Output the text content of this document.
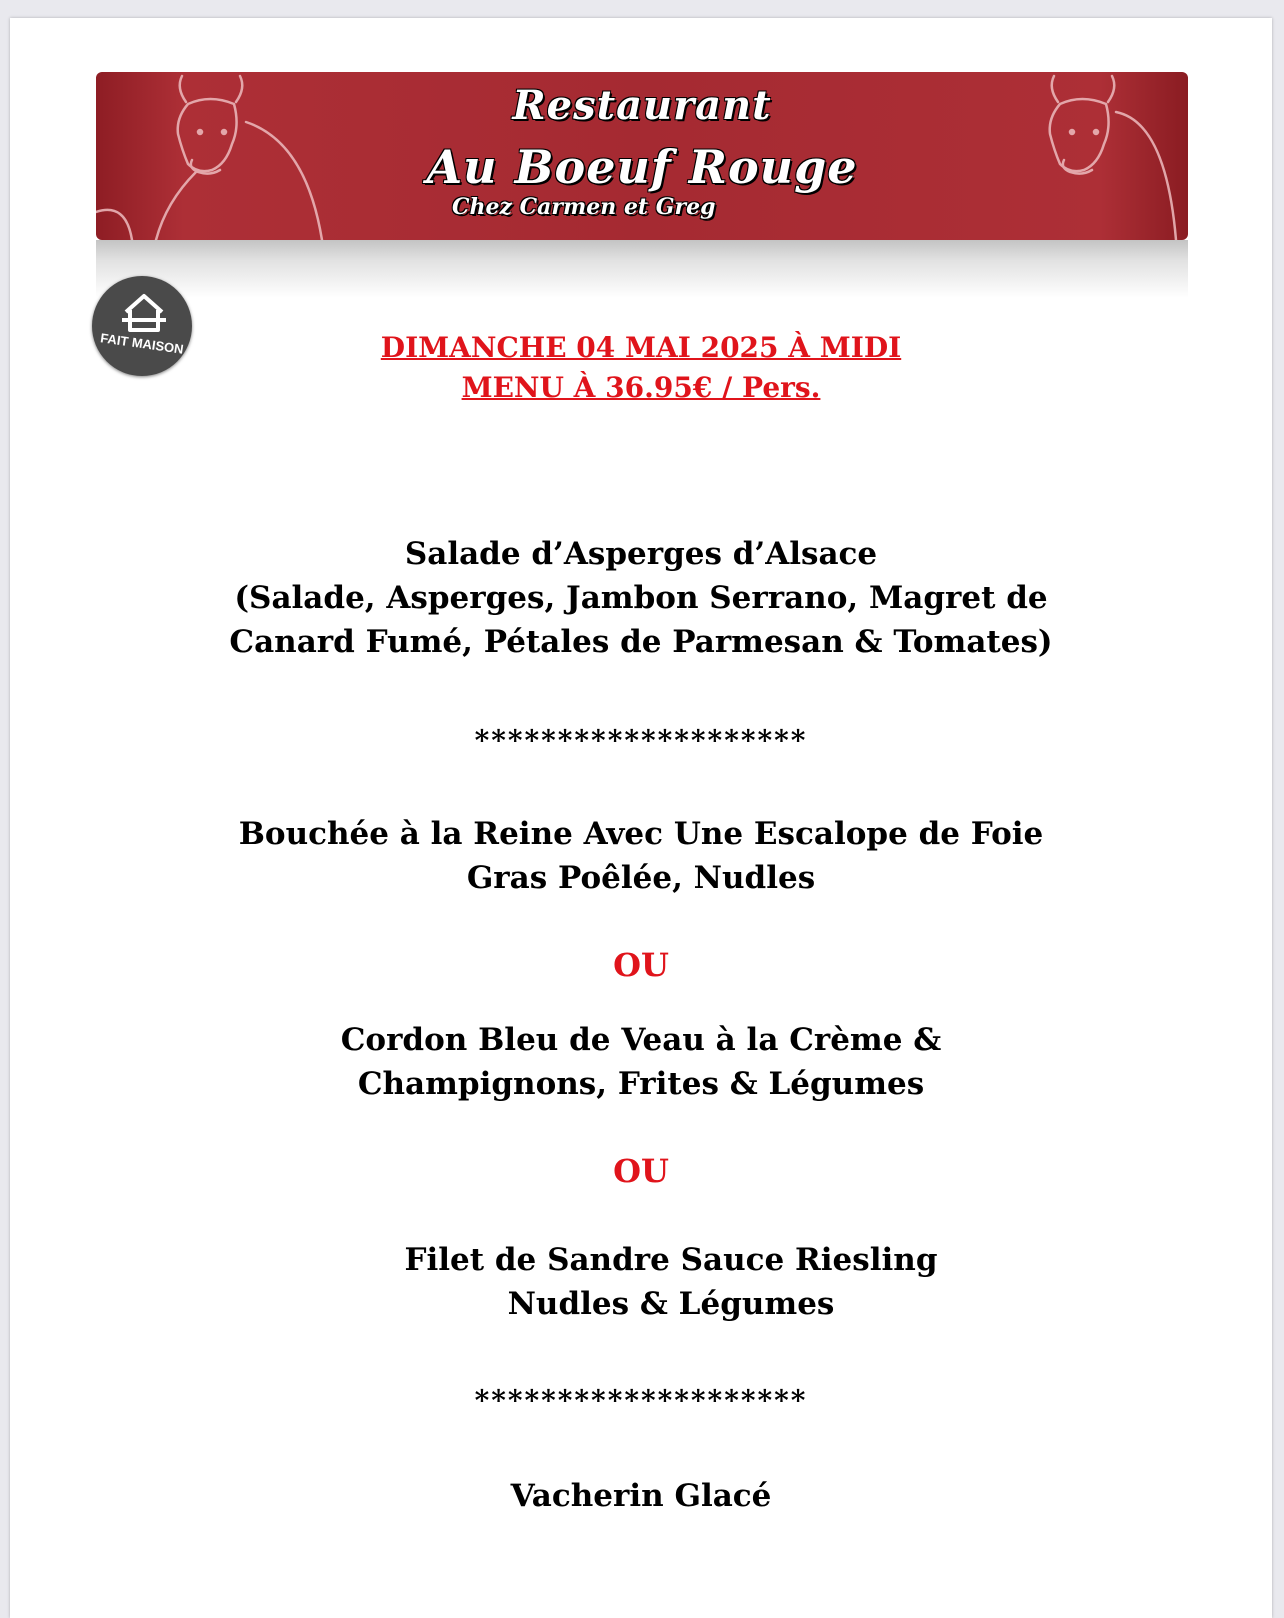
Restaurant
Au Boeuf Rouge
Chez Carmen et Greg
FAIT MAISON	DIMANCHE 04 MAI 2025 À MIDI
MENU À 36.95€ / Pers.
Salade d’Asperges d’Alsace
(Salade, Asperges, Jambon Serrano, Magret de
Canard Fumé, Pétales de Parmesan & Tomates)
********************
Bouchée à la Reine Avec Une Escalope de Foie
Gras Poêlée, Nudles
OU
Cordon Bleu de Veau à la Crème &
Champignons, Frites & Légumes
OU
Filet de Sandre Sauce Riesling
Nudles & Légumes
********************
Vacherin Glacé
